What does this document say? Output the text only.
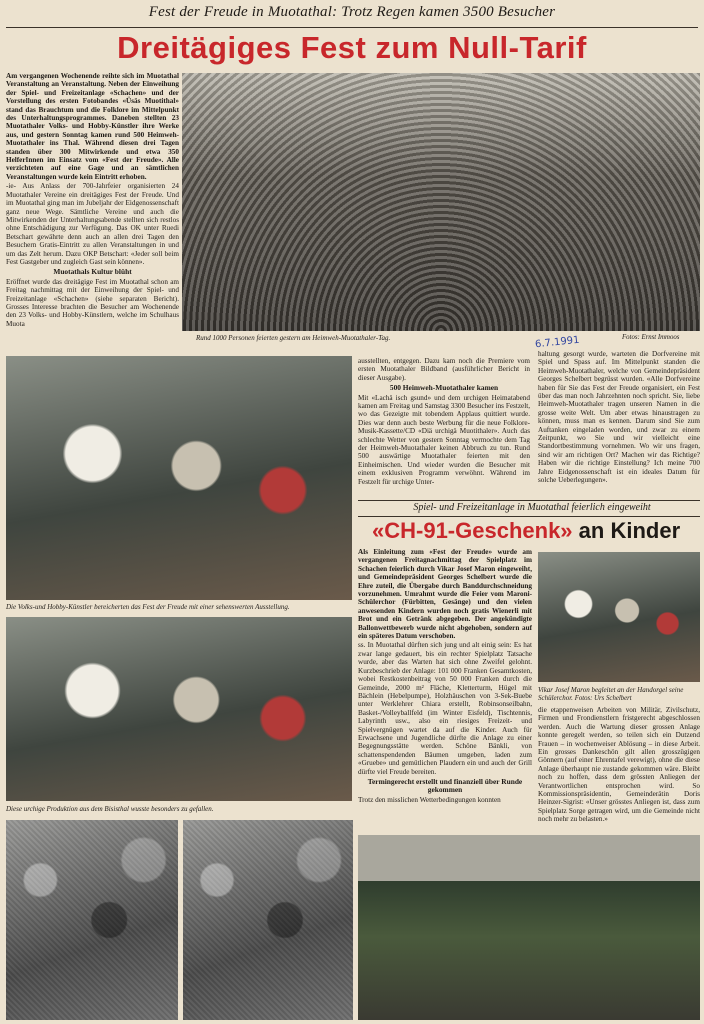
Fest der Freude in Muotathal: Trotz Regen kamen 3500 Besucher
Dreitägiges Fest zum Null-Tarif

Am vergangenen Wochenende reihte sich im Muotathal Veranstaltung an Veranstaltung. Neben der Einweihung der Spiel- und Freizeitanlage «Schachen» und der Vorstellung des ersten Fotobandes «Üsäs Muotithal» stand das Brauchtum und die Folklore im Mittelpunkt des Unterhaltungsprogrammes. Daneben stellten 23 Muotathaler Volks- und Hobby-Künstler ihre Werke aus, und gestern Sonntag kamen rund 500 Heimweh-Muotathaler ins Thal. Während diesen drei Tagen standen über 300 Mitwirkende und etwa 350 HelferInnen im Einsatz vom «Fest der Freude». Alle verzichteten auf eine Gage und an sämtlichen Veranstaltungen wurde kein Eintritt erhoben.

-ie- Aus Anlass der 700-Jahrfeier organisierten 24 Muotathaler Vereine ein dreitägiges Fest der Freude. Und im Muotathal ging man im Jubeljahr der Eidgenossenschaft ganz neue Wege. Sämtliche Vereine und auch die Mitwirkenden der Unterhaltungsabende stellten sich restlos ohne Entschädigung zur Verfügung. Das OK unter Ruedi Betschart gewährte denn auch an allen drei Tagen den Besuchern Gratis-Eintritt zu allen Veranstaltungen in und um das Zelt herum. Dazu OKP Betschart: «Jeder soll beim Fest Gastgeber und zugleich Gast sein können».

Muotathals Kultur blüht

Eröffnet wurde das dreitägige Fest im Muotathal schon am Freitag nachmittag mit der Einweihung der Spiel- und Freizeitanlage «Schachen» (siehe separaten Bericht). Grosses Interesse brachten die Besucher am Wochenende den 23 Volks- und Hobby-Künstlern, welche im Schulhaus Muota

Rund 1000 Personen feierten gestern am Heimweh-Muotathaler-Tag.	Fotos: Ernst Immoos
Die Volks-und Hobby-Künstler bereicherten das Fest der Freude mit einer sehenswerten Ausstellung.

ausstellten, entgegen. Dazu kam noch die Premiere vom ersten Muotathaler Bildband (ausführlicher Bericht in dieser Ausgabe).

500 Heimweh-Muotathaler kamen

Mit «Lachä isch gsund» und dem urchigen Heimatabend kamen am Freitag und Samstag 3300 Besucher ins Festzelt, wo das Gezeigte mit tobendem Applaus quittiert wurde. Dies war denn auch beste Werbung für die neue Folklore-Musik-Kassette/CD «Diä urchigä Muotithaler». Auch das schlechte Wetter von gestern Sonntag vermochte dem Tag der Heimweh-Muotathaler keinen Abbruch zu tun. Rund 500 auswärtige Muotathaler feierten mit den Einheimischen. Und wieder wurden die Besucher mit einem exklusiven Programm verwöhnt. Während im Festzelt für urchige Unter-

6.7.1991

haltung gesorgt wurde, warteten die Dorfvereine mit Spiel und Spass auf. Im Mittelpunkt standen die Heimweh-Muotathaler, welche von Gemeindepräsident Georges Schelbert begrüsst wurden. «Alle Dorfvereine haben für Sie das Fest der Freude organisiert, ein Fest über das man noch Jahrzehnten noch spricht. Sie, liebe Heimweh-Muotathaler tragen unseren Namen in die grosse weite Welt. Um aber etwas hinaustragen zu können, muss man es kennen. Darum sind Sie zum Auftanken eingeladen worden, und zwar zu einem Zeitpunkt, wo Sie und wir vielleicht eine Standortbestimmung vornehmen. Wo wir uns fragen, sind wir am richtigen Ort? Machen wir das Richtige? Haben wir die richtige Einstellung? Ich meine 700 Jahre Eidgenossenschaft ist ein ideales Datum für solche Ueberlegungen».

Spiel- und Freizeitanlage in Muotathal feierlich eingeweiht
«CH-91-Geschenk» an Kinder

Als Einleitung zum «Fest der Freude» wurde am vergangenen Freitagnachmittag der Spielplatz im Schachen feierlich durch Vikar Josef Maron eingeweiht, und Gemeindepräsident Georges Schelbert wurde die Ehre zuteil, die Übergabe durch Banddurchschneidung vorzunehmen. Umrahmt wurde die Feier vom Maroni-Schülerchor (Fürbitten, Gesänge) und den vielen anwesenden Kindern wurden noch gratis Wienerli mit Brot und ein Getränk abgegeben. Der angekündigte Ballonwettbewerb wurde nicht abgehoben, sondern auf ein späteres Datum verschoben.

ss. In Muotathal dürften sich jung und alt einig sein: Es hat zwar lange gedauert, bis ein rechter Spielplatz Tatsache wurde, aber das Warten hat sich ohne Zweifel gelohnt. Kurzbeschrieb der Anlage: 101 000 Franken Gesamtkosten, wobei Restkostenbeitrag von 50 000 Franken durch die Gemeinde, 2000 m² Fläche, Kletterturm, Hügel mit Bächlein (Hebelpumpe), Holzhäuschen von 3-Sek-Buebe unter Werklehrer Chiara erstellt, Robinsonseilbahn, Basket-/Volleyballfeld (im Winter Eisfeld), Tischtennis, Labyrinth usw., also ein riesiges Freizeit- und Spielvergnügen wartet da auf die Kinder. Auch für Erwachsene und Jugendliche dürfte die Anlage zu einer Begegnungsstätte werden. Schöne Bänkli, von schattenspendenden Bäumen umgeben, laden zum «Gruebe» und gemütlichen Plaudern ein und auch der Grill dürfte viel Freude bereiten.

Termingerecht erstellt und finanziell über Runde gekommen

Trotz den misslichen Wetterbedingungen konnten

Vikar Josef Maron begleitet an der Handorgel seine Schülerchor. Fotos: Urs Schelbert

die etappenweisen Arbeiten von Militär, Zivilschutz, Firmen und Frondienstlern fristgerecht abgeschlossen werden. Auch die Wartung dieser grossen Anlage konnte geregelt werden, so teilen sich ein Dutzend Frauen – in wochenweiser Ablösung – in diese Arbeit. Ein grosses Dankeschön gilt allen grosszügigen Gönnern (auf einer Ehrentafel verewigt), ohne die diese Anlage überhaupt nie zustande gekommen wäre. Bleibt noch zu hoffen, dass dem grössten Anliegen der Verantwortlichen entsprochen wird. So Kommissionspräsidentin, Gemeinderätin Doris Heinzer-Sigrist: «Unser grösstes Anliegen ist, dass zum Spielplatz Sorge getragen wird, um die Gemeinde nicht noch mehr zu belasten.»

Diese urchige Produktion aus dem Bisisthal wusste besonders zu gefallen.
